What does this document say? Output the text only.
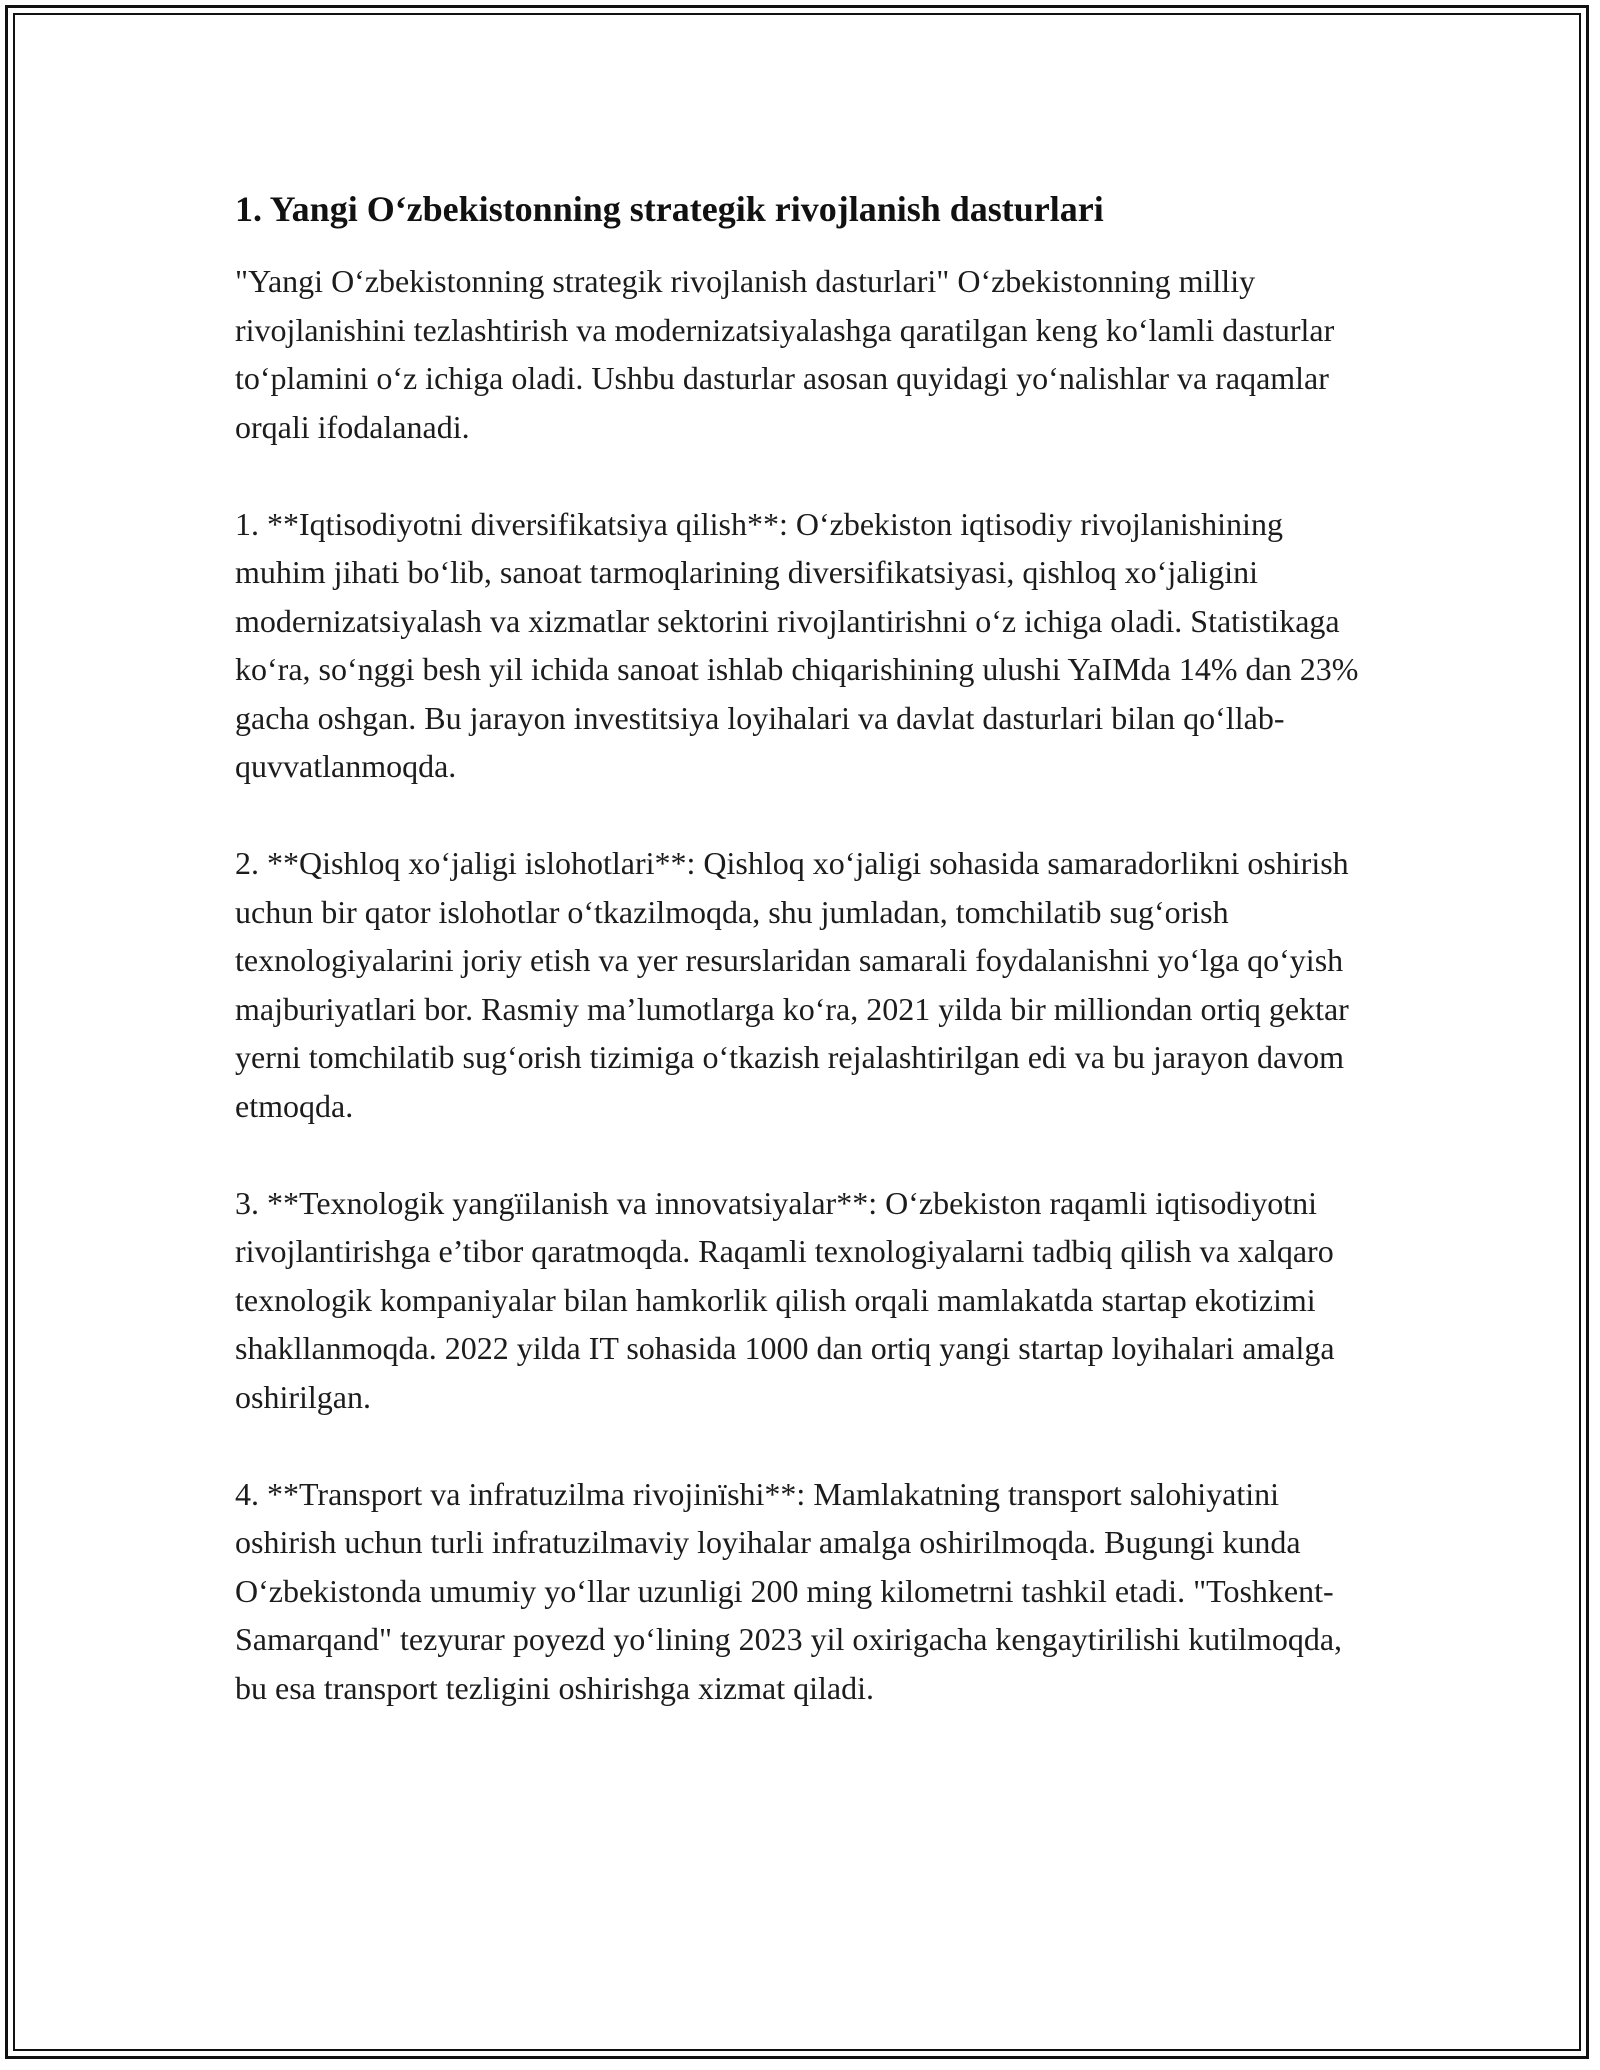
1. Yangi O‘zbekistonning strategik rivojlanish dasturlari

"Yangi O‘zbekistonning strategik rivojlanish dasturlari" O‘zbekistonning milliy rivojlanishini tezlashtirish va modernizatsiyalashga qaratilgan keng ko‘lamli dasturlar to‘plamini o‘z ichiga oladi. Ushbu dasturlar asosan quyidagi yo‘nalishlar va raqamlar orqali ifodalanadi.

1. **Iqtisodiyotni diversifikatsiya qilish**: O‘zbekiston iqtisodiy rivojlanishining muhim jihati bo‘lib, sanoat tarmoqlarining diversifikatsiyasi, qishloq xo‘jaligini modernizatsiyalash va xizmatlar sektorini rivojlantirishni o‘z ichiga oladi. Statistikaga ko‘ra, so‘nggi besh yil ichida sanoat ishlab chiqarishining ulushi YaIMda 14% dan 23% gacha oshgan. Bu jarayon investitsiya loyihalari va davlat dasturlari bilan qo‘llab-quvvatlanmoqda.

2. **Qishloq xo‘jaligi islohotlari**: Qishloq xo‘jaligi sohasida samaradorlikni oshirish uchun bir qator islohotlar o‘tkazilmoqda, shu jumladan, tomchilatib sug‘orish texnologiyalarini joriy etish va yer resurslaridan samarali foydalanishni yo‘lga qo‘yish majburiyatlari bor. Rasmiy ma’lumotlarga ko‘ra, 2021 yilda bir milliondan ortiq gektar yerni tomchilatib sug‘orish tizimiga o‘tkazish rejalashtirilgan edi va bu jarayon davom etmoqda.

3. **Texnologik yangïilanish va innovatsiyalar**: O‘zbekiston raqamli iqtisodiyotni rivojlantirishga e’tibor qaratmoqda. Raqamli texnologiyalarni tadbiq qilish va xalqaro texnologik kompaniyalar bilan hamkorlik qilish orqali mamlakatda startap ekotizimi shakllanmoqda. 2022 yilda IT sohasida 1000 dan ortiq yangi startap loyihalari amalga oshirilgan.

4. **Transport va infratuzilma rivojinïshi**: Mamlakatning transport salohiyatini oshirish uchun turli infratuzilmaviy loyihalar amalga oshirilmoqda. Bugungi kunda O‘zbekistonda umumiy yo‘llar uzunligi 200 ming kilometrni tashkil etadi. "Toshkent-Samarqand" tezyurar poyezd yo‘lining 2023 yil oxirigacha kengaytirilishi kutilmoqda, bu esa transport tezligini oshirishga xizmat qiladi.
